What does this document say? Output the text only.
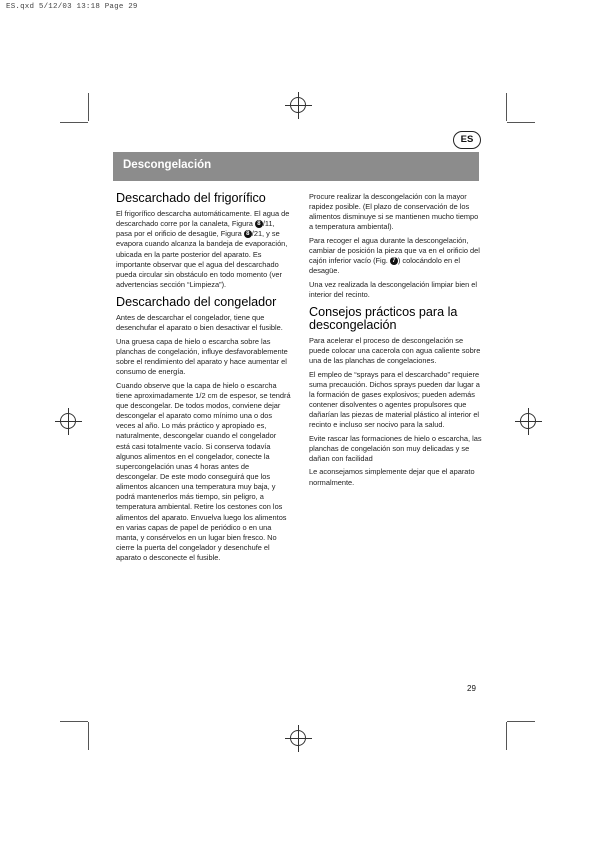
ES.qxd 5/12/03 13:18 Page 29
ES
Descongelación
Descarchado del frigorífico

El frigorífico descarcha automáticamente. El agua de descarchado corre por la canaleta, Figura 8 /11, pasa por el orificio de desagüe, Figura 8 /21, y se evapora cuando alcanza la bandeja de evaporación, ubicada en la parte posterior del aparato. Es importante observar que el agua del descarchado pueda circular sin obstáculo en todo momento (ver advertencias sección “Limpieza”).

Descarchado del congelador

Antes de descarchar el congelador, tiene que desenchufar el aparato o bien desactivar el fusible.

Una gruesa capa de hielo o escarcha sobre las planchas de congelación, influye desfavorablemente sobre el rendimiento del aparato y hace aumentar el consumo de energía.

Cuando observe que la capa de hielo o escarcha tiene aproximadamente 1/2 cm de espesor, se tendrá que descongelar. De todos modos, conviene dejar descongelar el aparato como mínimo una o dos veces al año. Lo más práctico y apropiado es, naturalmente, descongelar cuando el congelador está casi totalmente vacío. Si conserva todavía algunos alimentos en el congelador, conecte la supercongelación unas 4 horas antes de descongelar. De este modo conseguirá que los alimentos alcancen una temperatura muy baja, y podrá mantenerlos más tiempo, sin peligro, a temperatura ambiental. Retire los cestones con los alimentos del aparato. Envuelva luego los alimentos en varias capas de papel de periódico o en una manta, y consérvelos en un lugar bien fresco. No cierre la puerta del congelador y desenchufe el aparato o desconecte el fusible.

Procure realizar la descongelación con la mayor rapidez posible. (El plazo de conservación de los alimentos disminuye si se mantienen mucho tiempo a temperatura ambiental).

Para recoger el agua durante la descongelación, cambiar de posición la pieza que va en el orificio del cajón inferior vacío (Fig. 7 ) colocándolo en el desagüe.

Una vez realizada la descongelación limpiar bien el interior del recinto.

Consejos prácticos para la descongelación

Para acelerar el proceso de descongelación se puede colocar una cacerola con agua caliente sobre una de las planchas de congelaciones.

El empleo de “sprays para el descarchado” requiere suma precaución. Dichos sprays pueden dar lugar a la formación de gases explosivos; pueden además contener disolventes o agentes propulsores que dañarían las piezas de material plástico al interior el recinto e incluso ser nocivo para la salud.

Evite rascar las formaciones de hielo o escarcha, las planchas de congelación son muy delicadas y se dañan con facilidad

Le aconsejamos simplemente dejar que el aparato normalmente.

29
